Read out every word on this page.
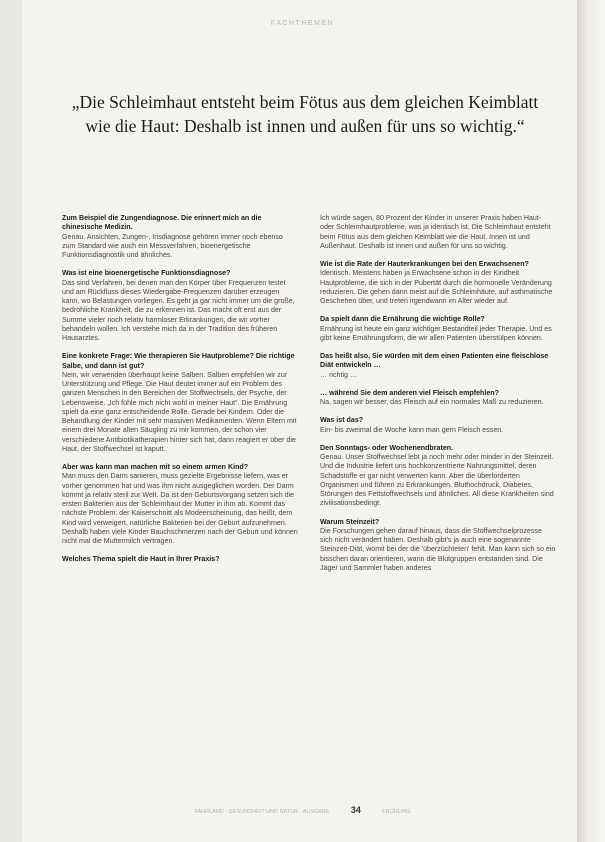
FACHTHEMEN
„Die Schleimhaut entsteht beim Fötus aus dem gleichen Keimblatt wie die Haut: Deshalb ist innen und außen für uns so wichtig.“
Zum Beispiel die Zungendiagnose. Die erinnert mich an die chinesische Medizin.
Genau. Ansichten, Zungen-, Irisdiagnose gehören immer noch ebenso zum Standard wie auch ein Messverfahren, bioenergetische Funktionsdiagnostik und ähnliches.
Was ist eine bioenergetische Funktionsdiagnose?
Das sind Verfahren, bei denen man den Körper über Frequenzen testet und am Rückfluss dieses Wiedergabe-Frequenzen darüber erzeugen kann, wo Belastungen vorliegen. Es geht ja gar nicht immer um die große, bedrohliche Krankheit, die zu erkennen ist. Das macht oft erst aus der Summe vieler noch relativ harmloser Erkrankungen, die wir vorher behandeln wollen. Ich verstehe mich da in der Tradition des früheren Hausarztes.
Eine konkrete Frage: Wie therapieren Sie Hautprobleme? Die richtige Salbe, und dann ist gut?
Nein, wir verwenden überhaupt keine Salben. Salben empfehlen wir zur Unterstützung und Pflege. Die Haut deutet immer auf ein Problem des ganzen Menschen in den Bereichen der Stoffwechsels, der Psyche, der Lebensweise. „Ich fühle mich nicht wohl in meiner Haut“. Die Ernährung spielt da eine ganz entscheidende Rolle. Gerade bei Kindern. Oder die Behandlung der Kinder mit sehr massiven Medikamenten. Wenn Eltern mit einem drei Monate alten Säugling zu mir kommen, der schon vier verschiedene Antibiotikatherapien hinter sich hat, dann reagiert er über die Haut, der Stoffwechsel ist kaputt.
Aber was kann man machen mit so einem armen Kind?
Man muss den Darm sanieren, muss gezielte Ergebnisse liefern, was er vorher genommen hat und was ihm nicht ausgeglichen worden. Der Darm kommt ja relativ steril zur Welt. Da ist den Geburtsvorgang setzen sich die ersten Bakterien aus der Schleimhaut der Mutter in ihm ab. Kommt das nächste Problem: der Kaiserschnitt als Modeerscheinung, das heißt, dem Kind wird verweigert, natürliche Bakterien bei der Geburt aufzunehmen. Deshalb haben viele Kinder Bauchschmerzen nach der Geburt und können nicht mal die Muttermilch vertragen.
Welches Thema spielt die Haut in Ihrer Praxis?
Ich würde sagen, 80 Prozent der Kinder in unserer Praxis haben Haut- oder Schleimhautprobleme, was ja identisch ist. Die Schleimhaut entsteht beim Fötus aus dem gleichen Keimblatt wie die Haut. Innen ist und Außenhaut. Deshalb ist innen und außen für uns so wichtig.
Wie ist die Rate der Hauterkrankungen bei den Erwachsenen?
Identisch. Meistens haben ja Erwachsene schon in der Kindheit Hautprobleme, die sich in der Pubertät durch die hormonelle Veränderung reduzieren. Die gehen dann meist auf die Schleimhäute, auf asthmatische Geschehen über, und treten irgendwann im Alter wieder auf.
Da spielt dann die Ernährung die wichtige Rolle?
Ernährung ist heute ein ganz wichtiger Bestandteil jeder Therapie. Und es gibt keine Ernährungsform, die wir allen Patienten überstülpen können.
Das heißt also, Sie würden mit dem einen Patienten eine fleischlose Diät entwickeln …
… richtig …
… während Sie dem anderen viel Fleisch empfehlen?
Na, sagen wir besser, das Fleisch auf ein normales Maß zu reduzieren.
Was ist das?
Ein- bis zweimal die Woche kann man gern Fleisch essen.
Den Sonntags- oder Wochenendbraten.
Genau. Unser Stoffwechsel lebt ja noch mehr oder minder in der Steinzeit. Und die Industrie liefert uns hochkonzentrierte Nahrungsmittel, deren Schadstoffe er gar nicht verwerten kann. Aber die überforderten Organismen und führen zu Erkrankungen. Bluthochdruck, Diabetes, Störungen des Fettstoffwechsels und ähnliches. All diese Krankheiten sind zivilisationsbedingt.
Warum Steinzeit?
Die Forschungen gehen darauf hinaus, dass die Stoffwechselprozesse sich nicht verändert haben. Deshalb gibt's ja auch eine sogenannte Steinzeit-Diät, womit bei der die 'überzüchteten' fehlt. Man kann sich so ein bisschen daran orientieren, wann die Blutgruppen entstanden sind. Die Jäger und Sammler haben anderes
FAHRLAND · GESUNDHEIT UND NATUR · AUSGABE 34	FRÜHLING
